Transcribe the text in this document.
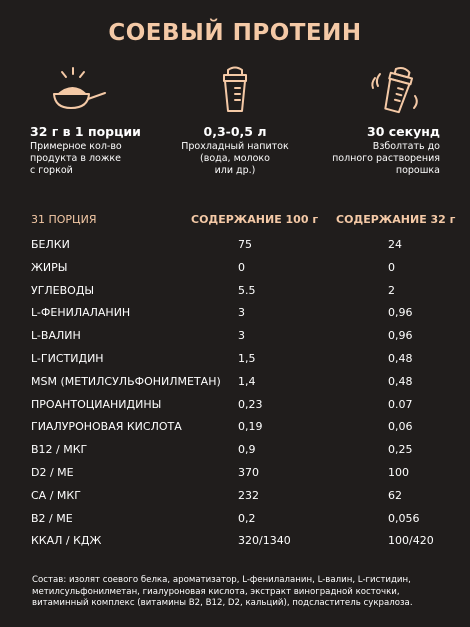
СОЕВЫЙ ПРОТЕИН
32 г в 1 порции
Примерное кол-во
продукта в ложке
с горкой
0,3-0,5 л
Прохладный напиток
(вода, молоко
или др.)
30 секунд
Взболтать до
полного растворения
порошка
31 ПОРЦИЯ	СОДЕРЖАНИЕ 100 г СОДЕРЖАНИЕ 32 г
БЕЛКИ	75	24
ЖИРЫ	0	0
УГЛЕВОДЫ	5.5	2
L-ФЕНИЛАЛАНИН	3	0,96
L-ВАЛИН	3	0,96
L-ГИСТИДИН	1,5	0,48
MSM (МЕТИЛСУЛЬФОНИЛМЕТАН) 1,4	0,48
ПРОАНТОЦИАНИДИНЫ	0,23	0.07
ГИАЛУРОНОВАЯ КИСЛОТА	0,19	0,06
B12 / МКГ	0,9	0,25
D2 / МЕ	370	100
СА / МКГ	232	62
В2 / МЕ	0,2	0,056
ККАЛ / КДЖ	320/1340	100/420
Состав: изолят соевого белка, ароматизатор, L-фенилаланин, L-валин, L-гистидин, метилсульфонилметан, гиалуроновая кислота, экстракт виноградной косточки, витаминный комплекс (витамины В2, В12, D2, кальций), подсластитель сукралоза.
